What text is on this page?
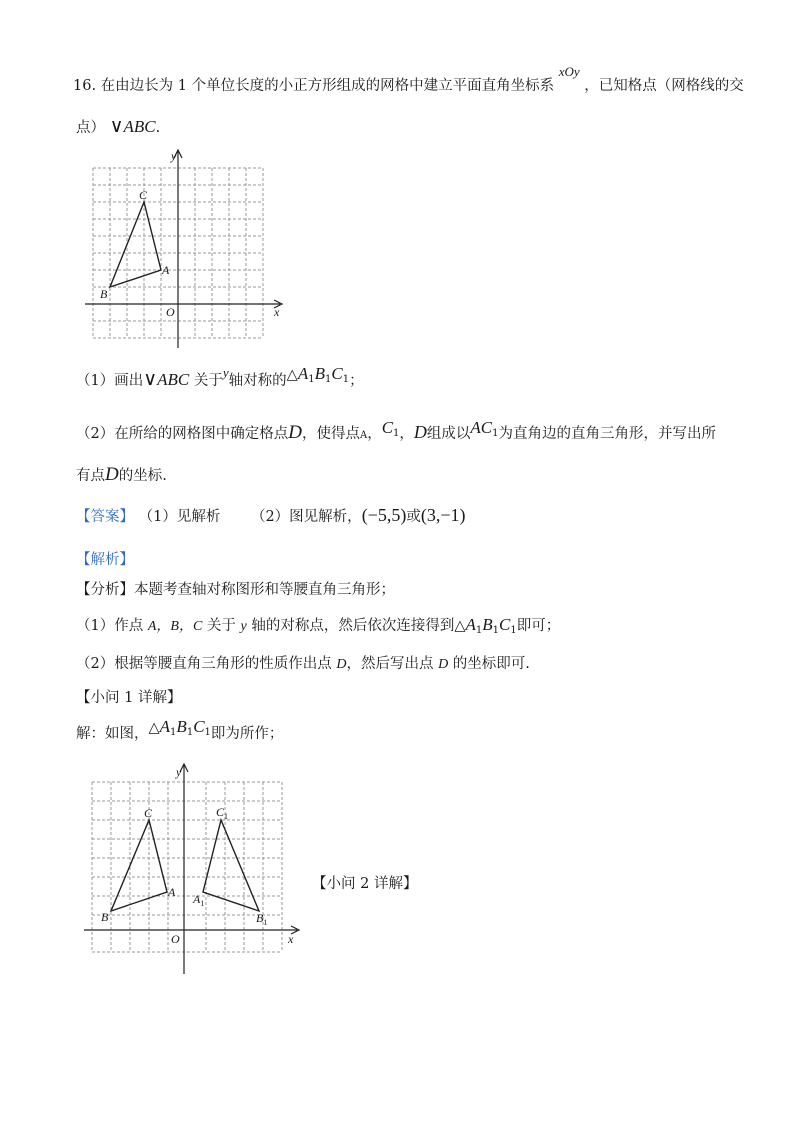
16. 在由边长为 1 个单位长度的小正方形组成的网格中建立平面直角坐标系 xOy ，已知格点（网格线的交
点） ∨ABC.
y
x
O
A
B
C
（1）画出∨ABC 关于y轴对称的$\triangle A_1B_1C_1$；
（2）在所给的网格图中确定格点D，使得点A，$C_1$，D组成以$AC_1$为直角边的直角三角形，并写出所
有点D的坐标.
【答案】 （1）见解析 （2）图见解析，(−5,5)或(3,−1)
【解析】
【分析】本题考查轴对称图形和等腰直角三角形；
（1）作点 A，B，C 关于 y 轴的对称点，然后依次连接得到$\triangle A_1B_1C_1$即可；
（2）根据等腰直角三角形的性质作出点 D，然后写出点 D 的坐标即可.
【小问 1 详解】
解：如图，$\triangle A_1B_1C_1$即为所作；
y
x
O
A
B
C
$A_1$
$B_1$
$C_1$
【小问 2 详解】
